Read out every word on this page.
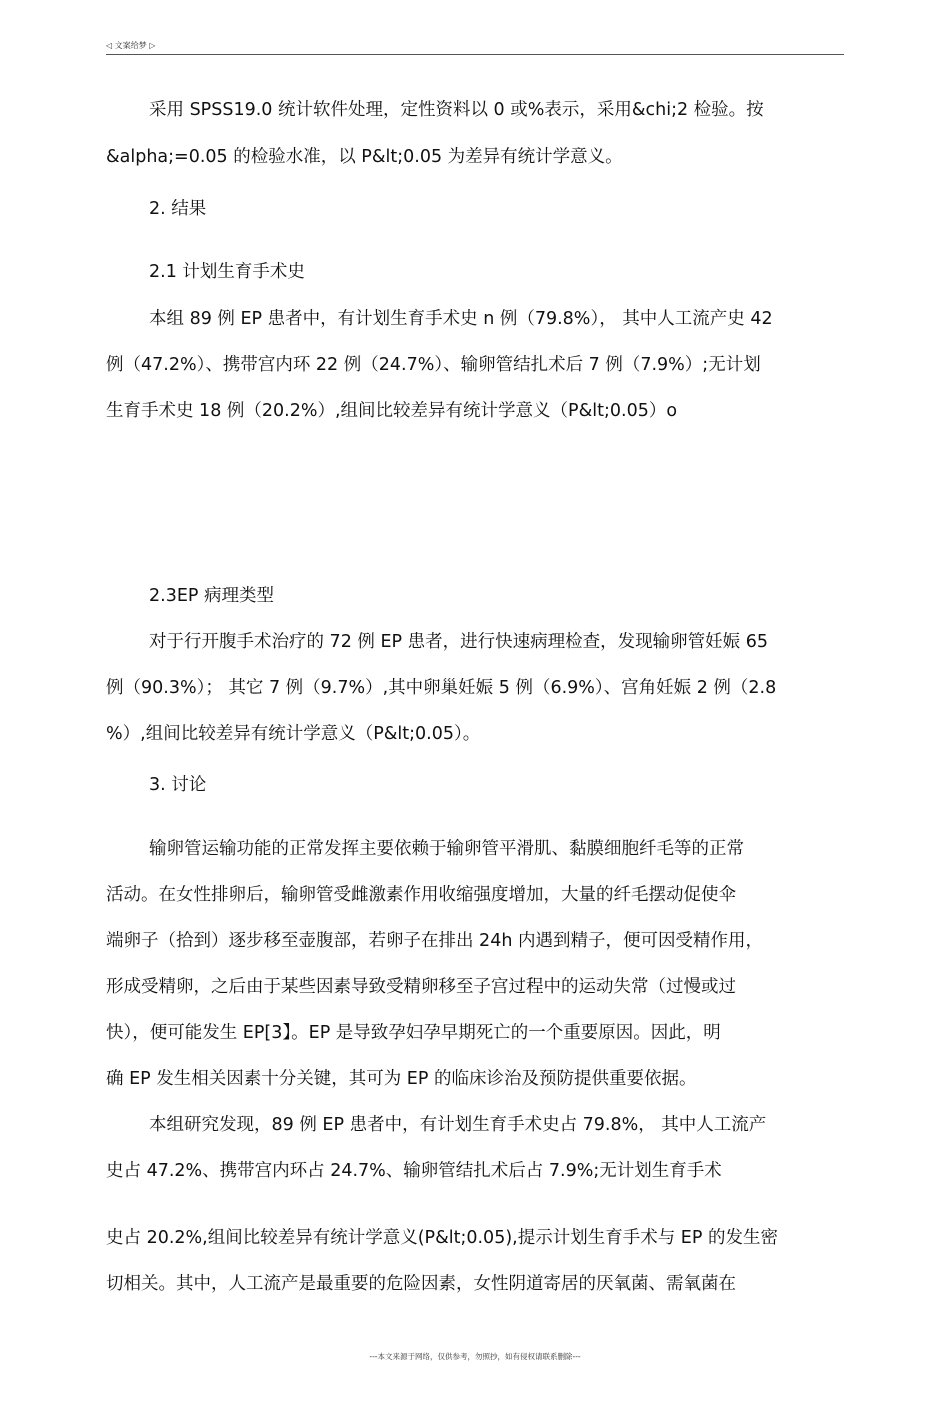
◁ 文案给梦 ▷
采用 SPSS19.0 统计软件处理，定性资料以 0 或%表示，采用&chi;2 检验。按
&alpha;=0.05 的检验水准，以 P&lt;0.05 为差异有统计学意义。
2. 结果
2.1 计划生育手术史
本组 89 例 EP 患者中，有计划生育手术史 n 例（79.8%）， 其中人工流产史 42
例（47.2%）、携带宫内环 22 例（24.7%）、输卵管结扎术后 7 例（7.9%）;无计划
生育手术史 18 例（20.2%）,组间比较差异有统计学意义（P&lt;0.05）o
2.3EP 病理类型
对于行开腹手术治疗的 72 例 EP 患者，进行快速病理检查，发现输卵管妊娠 65
例（90.3%）； 其它 7 例（9.7%）,其中卵巢妊娠 5 例（6.9%）、宫角妊娠 2 例（2.8
%）,组间比较差异有统计学意义（P&lt;0.05）。
3. 讨论
输卵管运输功能的正常发挥主要依赖于输卵管平滑肌、黏膜细胞纤毛等的正常
活动。在女性排卵后，输卵管受雌激素作用收缩强度增加，大量的纤毛摆动促使伞
端卵子（拾到）逐步移至壶腹部，若卵子在排出 24h 内遇到精子，便可因受精作用，
形成受精卵，之后由于某些因素导致受精卵移至子宫过程中的运动失常（过慢或过
快），便可能发生 EP[3】。EP 是导致孕妇孕早期死亡的一个重要原因。因此，明
确 EP 发生相关因素十分关键，其可为 EP 的临床诊治及预防提供重要依据。
本组研究发现，89 例 EP 患者中，有计划生育手术史占 79.8%， 其中人工流产
史占 47.2%、携带宫内环占 24.7%、输卵管结扎术后占 7.9%;无计划生育手术
史占 20.2%,组间比较差异有统计学意义(P&lt;0.05),提示计划生育手术与 EP 的发生密
切相关。其中，人工流产是最重要的危险因素，女性阴道寄居的厌氧菌、需氧菌在
---本文来源于网络，仅供参考，勿照抄，如有侵权请联系删除---
